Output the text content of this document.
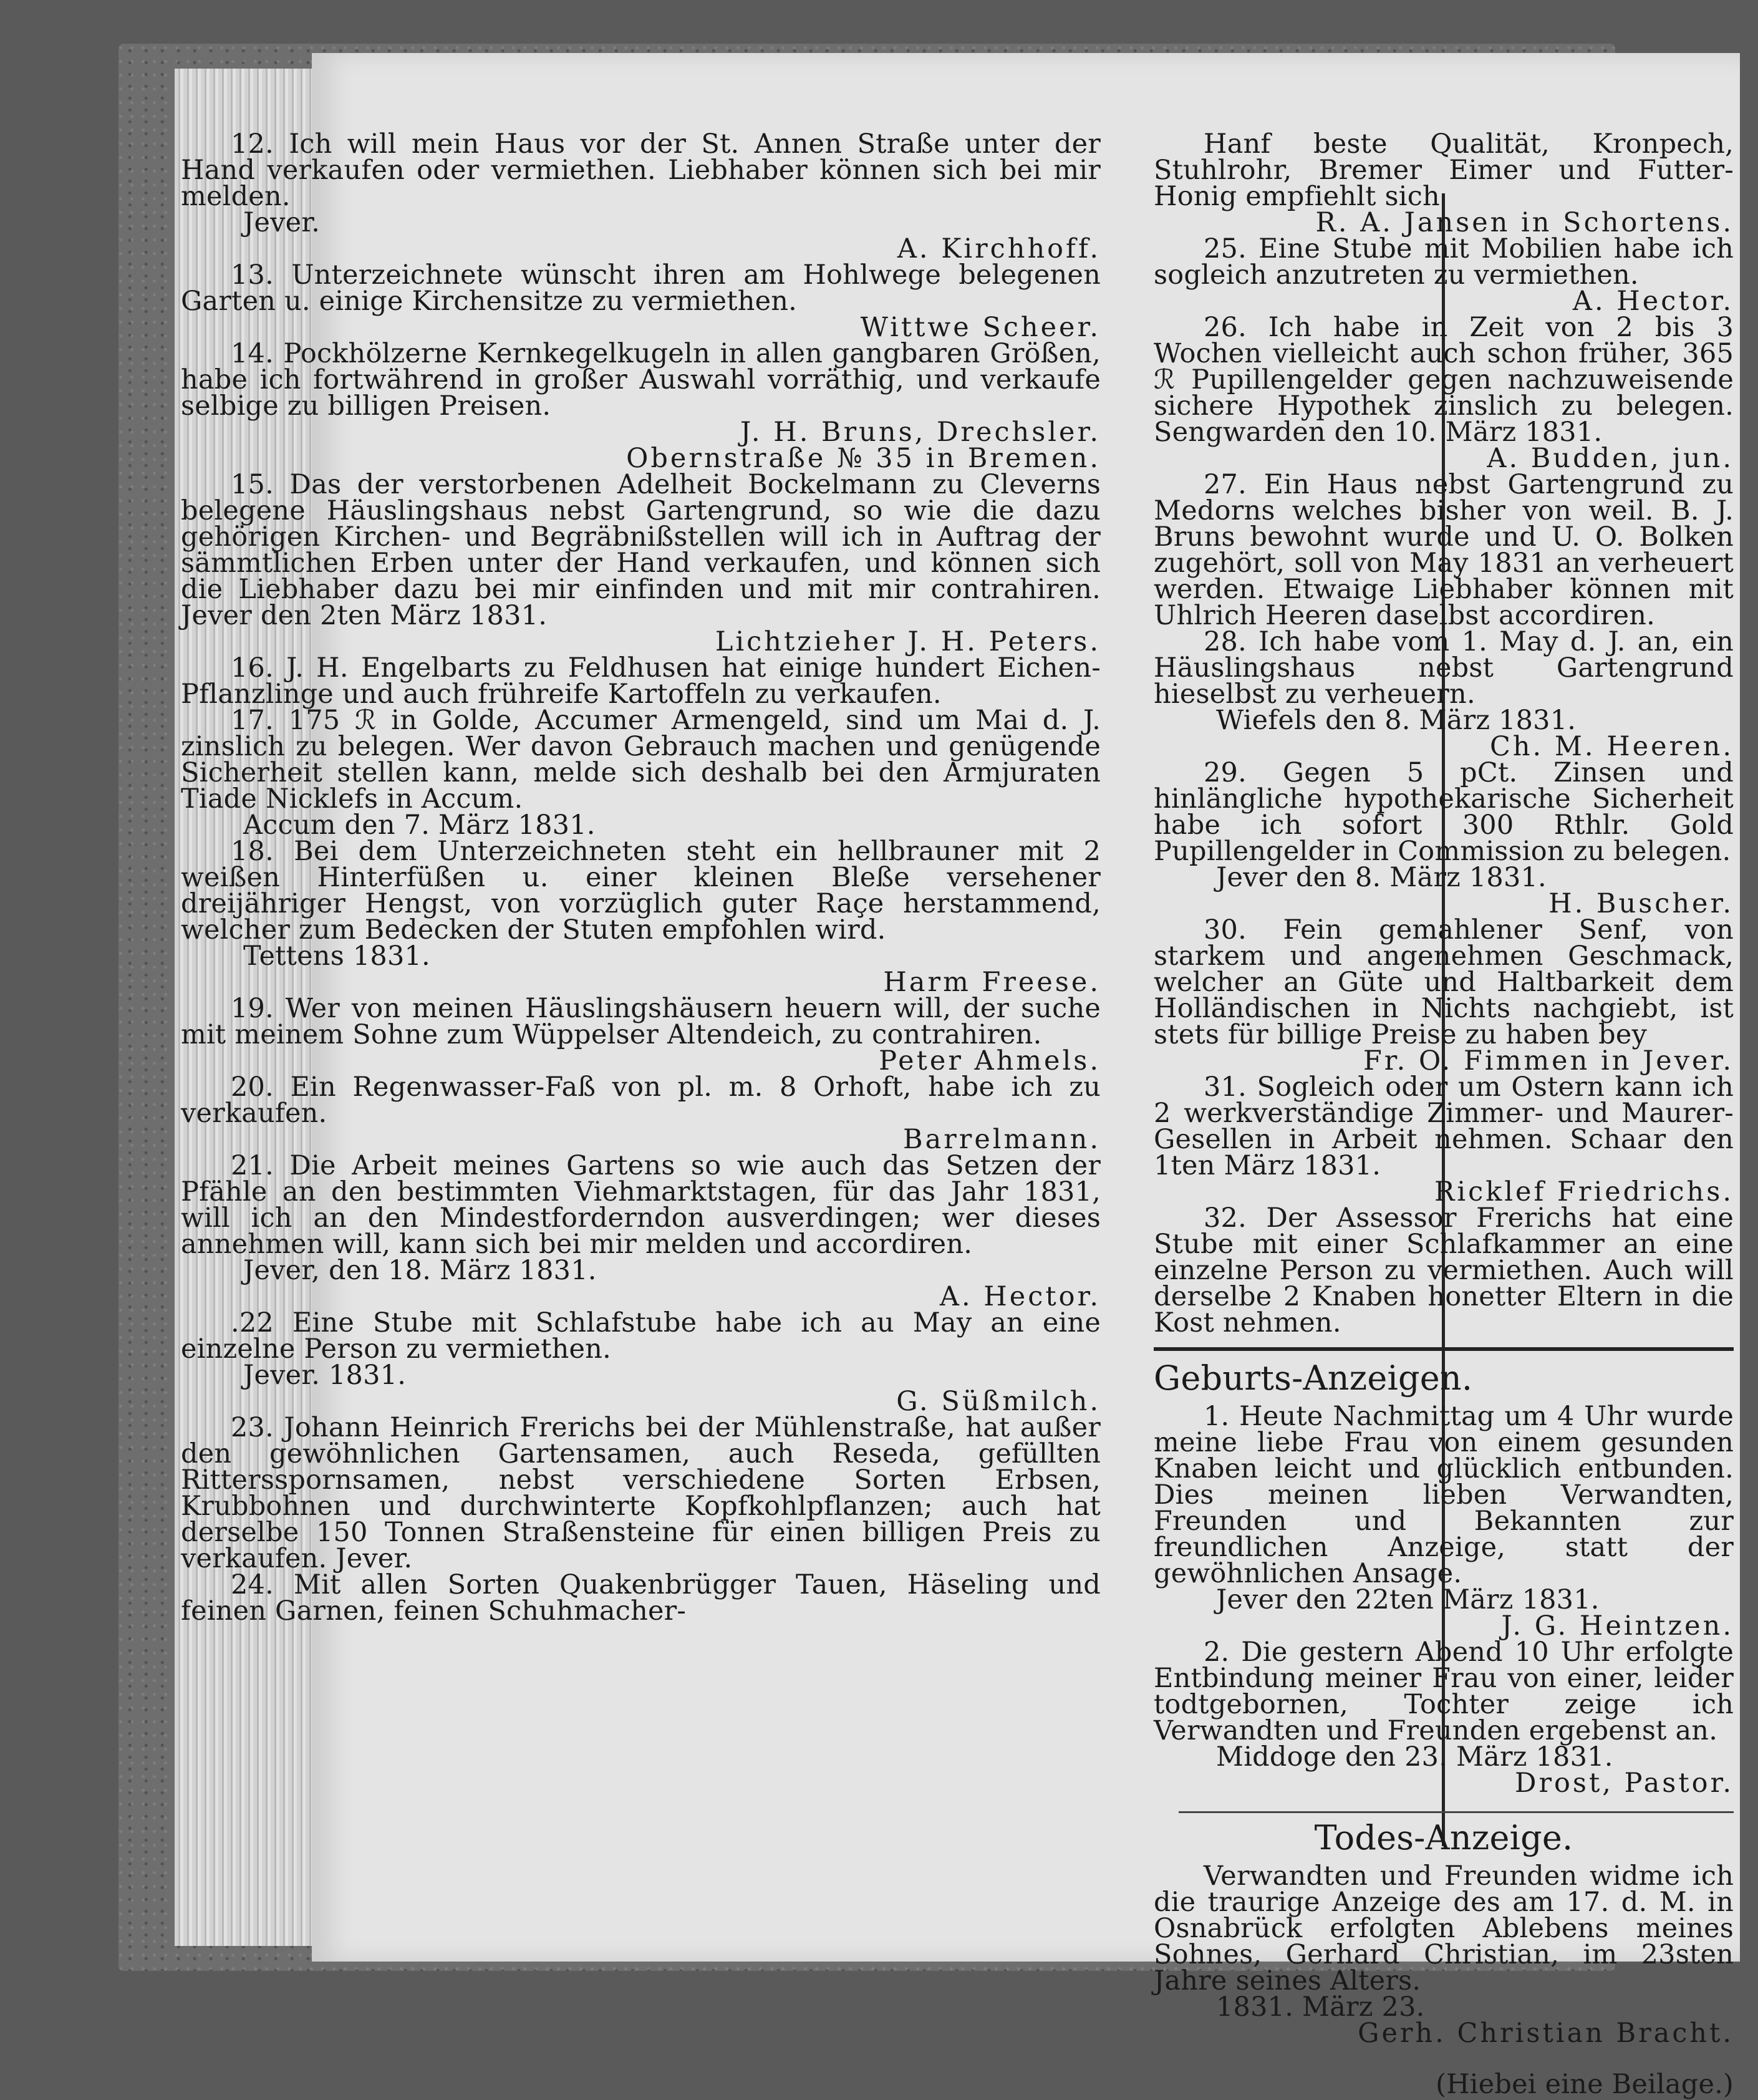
12. Ich will mein Haus vor der St. Annen Straße unter der Hand verkaufen oder vermiethen. Liebhaber können sich bei mir melden.

Jever.
A. Kirchhoff.

13. Unterzeichnete wünscht ihren am Hohlwege belegenen Garten u. einige Kirchensitze zu vermiethen.

Wittwe Scheer.

14. Pockhölzerne Kernkegelkugeln in allen gangbaren Größen, habe ich fortwährend in großer Auswahl vorräthig, und verkaufe selbige zu billigen Preisen.

J. H. Bruns, Drechsler.
Obernstraße № 35 in Bremen.

15. Das der verstorbenen Adelheit Bockelmann zu Cleverns belegene Häuslingshaus nebst Gartengrund, so wie die dazu gehörigen Kirchen- und Begräbnißstellen will ich in Auftrag der sämmtlichen Erben unter der Hand verkaufen, und können sich die Liebhaber dazu bei mir einfinden und mit mir contrahiren. Jever den 2ten März 1831.

Lichtzieher J. H. Peters.

16. J. H. Engelbarts zu Feldhusen hat einige hundert Eichen-Pflanzlinge und auch frühreife Kartoffeln zu verkaufen.

17. 175 ℛ in Golde, Accumer Armengeld, sind um Mai d. J. zinslich zu belegen. Wer davon Gebrauch machen und genügende Sicherheit stellen kann, melde sich deshalb bei den Armjuraten Tiade Nicklefs in Accum.

Accum den 7. März 1831.

18. Bei dem Unterzeichneten steht ein hellbrauner mit 2 weißen Hinterfüßen u. einer kleinen Bleße versehener dreijähriger Hengst, von vorzüglich guter Raçe herstammend, welcher zum Bedecken der Stuten empfohlen wird.

Tettens 1831.
Harm Freese.

19. Wer von meinen Häuslingshäusern heuern will, der suche mit meinem Sohne zum Wüppelser Altendeich, zu contrahiren.

Peter Ahmels.

20. Ein Regenwasser-Faß von pl. m. 8 Orhoft, habe ich zu verkaufen.

Barrelmann.

21. Die Arbeit meines Gartens so wie auch das Setzen der Pfähle an den bestimmten Viehmarktstagen, für das Jahr 1831, will ich an den Mindestforderndon ausverdingen; wer dieses annehmen will, kann sich bei mir melden und accordiren.

Jever, den 18. März 1831.
A. Hector.

.22 Eine Stube mit Schlafstube habe ich au May an eine einzelne Person zu vermiethen.

Jever. 1831.
G. Süßmilch.

23. Johann Heinrich Frerichs bei der Mühlenstraße, hat außer den gewöhnlichen Gartensamen, auch Reseda, gefüllten Rittersspornsamen, nebst verschiedene Sorten Erbsen, Krubbohnen und durchwinterte Kopfkohlpflanzen; auch hat derselbe 150 Tonnen Straßensteine für einen billigen Preis zu verkaufen. Jever.

24. Mit allen Sorten Quakenbrügger Tauen, Häseling und feinen Garnen, feinen Schuhmacher-

Hanf beste Qualität, Kronpech, Stuhlrohr, Bremer Eimer und Futter-Honig empfiehlt sich

R. A. Jansen in Schortens.

25. Eine Stube mit Mobilien habe ich sogleich anzutreten zu vermiethen.

A. Hector.

26. Ich habe in Zeit von 2 bis 3 Wochen vielleicht auch schon früher, 365 ℛ Pupillengelder gegen nachzuweisende sichere Hypothek zinslich zu belegen. Sengwarden den 10. März 1831.

A. Budden, jun.

27. Ein Haus nebst Gartengrund zu Medorns welches bisher von weil. B. J. Bruns bewohnt wurde und U. O. Bolken zugehört, soll von May 1831 an verheuert werden. Etwaige Liebhaber können mit Uhlrich Heeren daselbst accordiren.

28. Ich habe vom 1. May d. J. an, ein Häuslingshaus nebst Gartengrund hieselbst zu verheuern.

Wiefels den 8. März 1831.
Ch. M. Heeren.

29. Gegen 5 pCt. Zinsen und hinlängliche hypothekarische Sicherheit habe ich sofort 300 Rthlr. Gold Pupillengelder in Commission zu belegen.

Jever den 8. März 1831.
H. Buscher.

30. Fein gemahlener Senf, von starkem und angenehmen Geschmack, welcher an Güte und Haltbarkeit dem Holländischen in Nichts nachgiebt, ist stets für billige Preise zu haben bey

Fr. O. Fimmen in Jever.

31. Sogleich oder um Ostern kann ich 2 werkverständige Zimmer- und Maurer-Gesellen in Arbeit nehmen. Schaar den 1ten März 1831.

Ricklef Friedrichs.

32. Der Assessor Frerichs hat eine Stube mit einer Schlafkammer an eine einzelne Person zu vermiethen. Auch will derselbe 2 Knaben honetter Eltern in die Kost nehmen.

Geburts-Anzeigen.

1. Heute Nachmittag um 4 Uhr wurde meine liebe Frau von einem gesunden Knaben leicht und glücklich entbunden. Dies meinen lieben Verwandten, Freunden und Bekannten zur freundlichen Anzeige, statt der gewöhnlichen Ansage.

Jever den 22ten März 1831.
J. G. Heintzen.

2. Die gestern Abend 10 Uhr erfolgte Entbindung meiner Frau von einer, leider todtgebornen, Tochter zeige ich Verwandten und Freunden ergebenst an.

Middoge den 23. März 1831.
Drost, Pastor.
Todes-Anzeige.

Verwandten und Freunden widme ich die traurige Anzeige des am 17. d. M. in Osnabrück erfolgten Ablebens meines Sohnes, Gerhard Christian, im 23sten Jahre seines Alters.

1831. März 23.
Gerh. Christian Bracht.
(Hiebei eine Beilage.)
